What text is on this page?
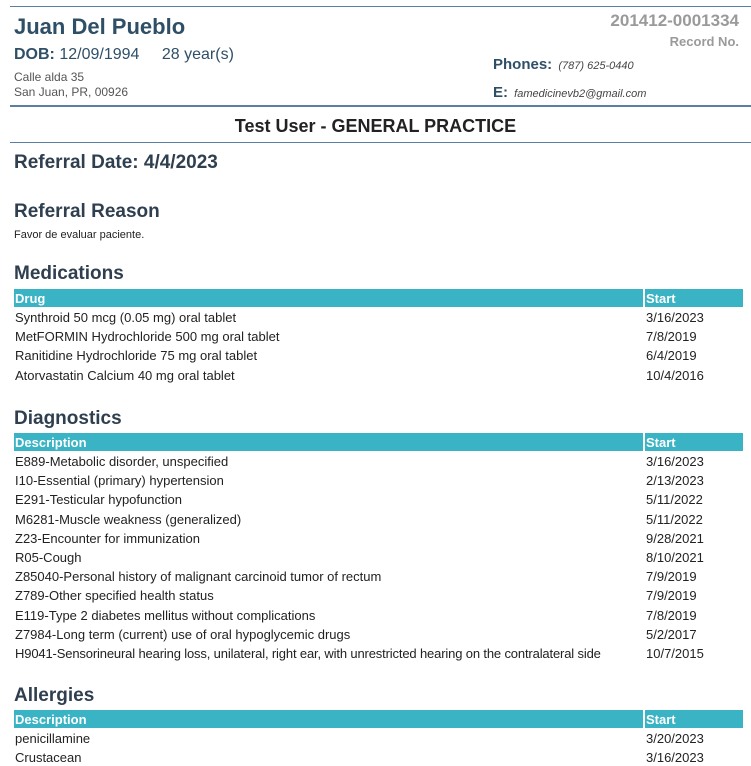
Juan Del Pueblo
DOB: 12/09/1994 28 year(s)
Calle alda 35
San Juan, PR, 00926
201412-0001334
Record No.
Phones: (787) 625-0440
E: famedicinevb2@gmail.com
Test User - GENERAL PRACTICE
Referral Date: 4/4/2023
Referral Reason
Favor de evaluar paciente.
Medications
Drug	Start
Synthroid 50 mcg (0.05 mg) oral tablet	3/16/2023
MetFORMIN Hydrochloride 500 mg oral tablet	7/8/2019
Ranitidine Hydrochloride 75 mg oral tablet	6/4/2019
Atorvastatin Calcium 40 mg oral tablet	10/4/2016
Diagnostics
Description	Start
E889-Metabolic disorder, unspecified	3/16/2023
I10-Essential (primary) hypertension	2/13/2023
E291-Testicular hypofunction	5/11/2022
M6281-Muscle weakness (generalized)	5/11/2022
Z23-Encounter for immunization	9/28/2021
R05-Cough	8/10/2021
Z85040-Personal history of malignant carcinoid tumor of rectum	7/9/2019
Z789-Other specified health status	7/9/2019
E119-Type 2 diabetes mellitus without complications	7/8/2019
Z7984-Long term (current) use of oral hypoglycemic drugs	5/2/2017
H9041-Sensorineural hearing loss, unilateral, right ear, with unrestricted hearing on the contralateral side	10/7/2015
Allergies
Description	Start
penicillamine	3/20/2023
Crustacean	3/16/2023
